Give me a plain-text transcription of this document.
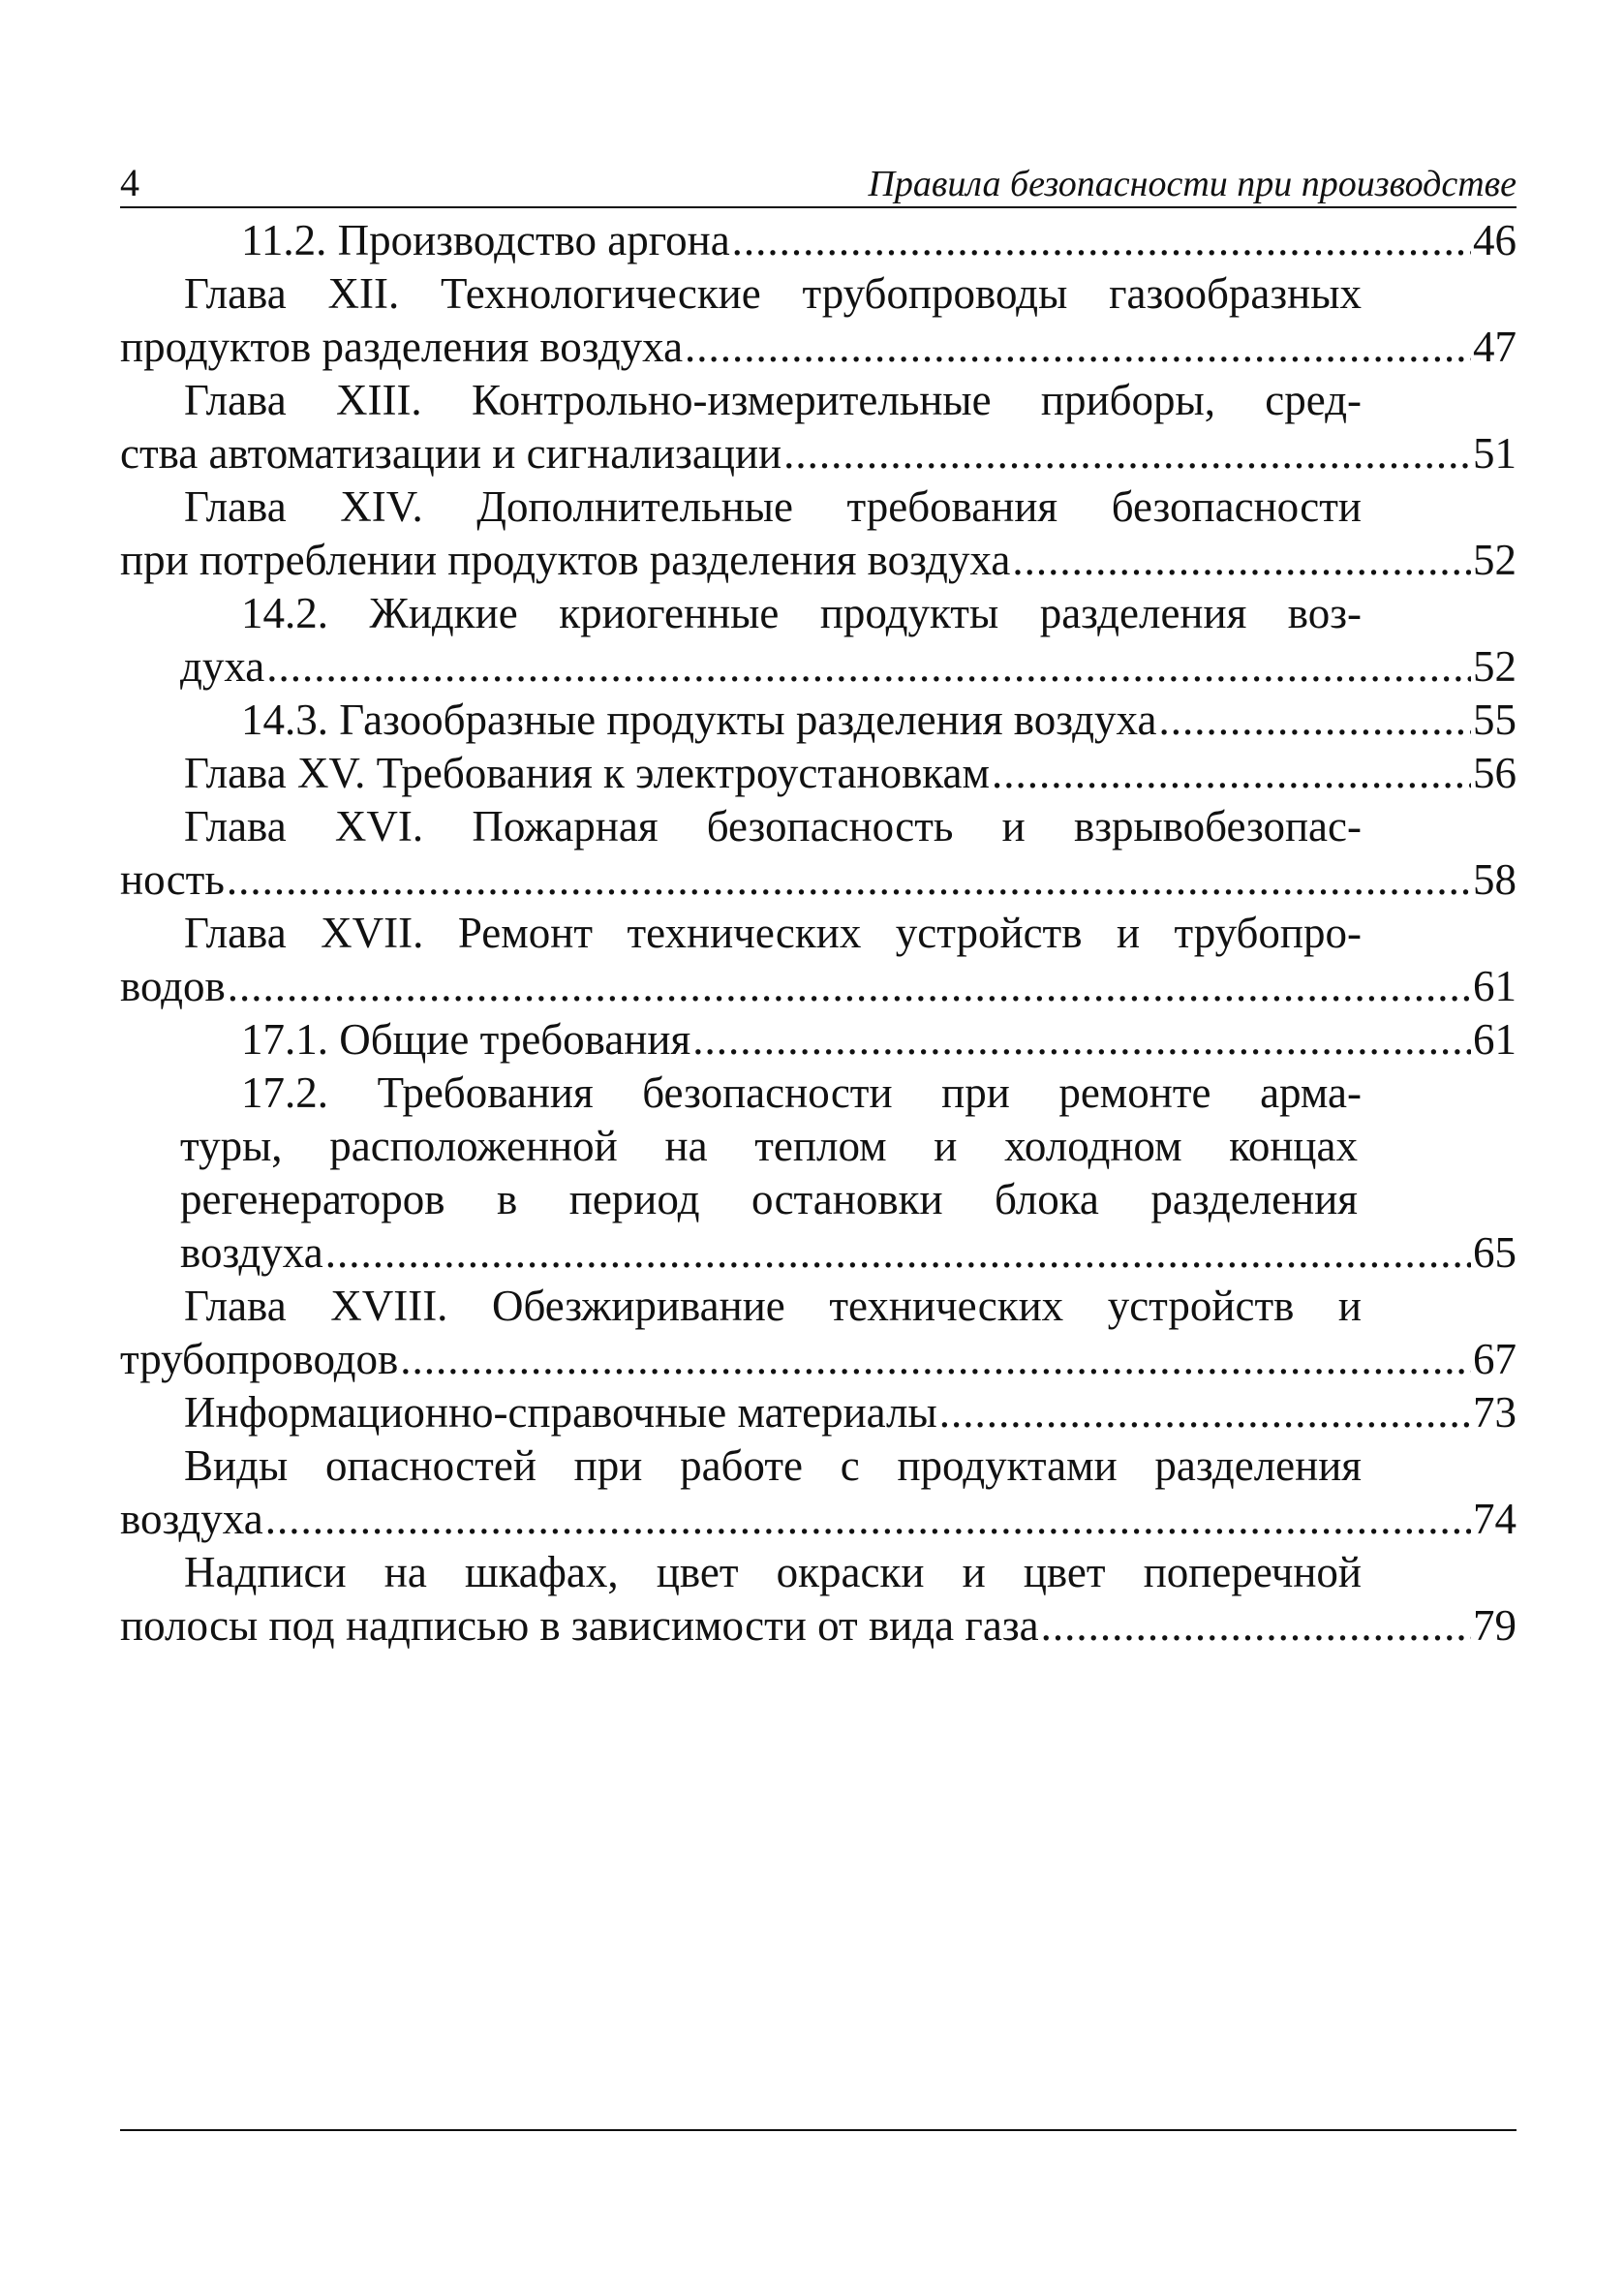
4	Правила безопасности при производстве
11.2. Производство аргона .....	46
Глава XII. Технологические трубопроводы газообразных
продуктов разделения воздуха .....	47
Глава XIII. Контрольно-измерительные приборы, сред-
ства автоматизации и сигнализации .....	51
Глава XIV. Дополнительные требования безопасности
при потреблении продуктов разделения воздуха .....	52
14.2. Жидкие криогенные продукты разделения воз-
духа .....	52
14.3. Газообразные продукты разделения воздуха .....	55
Глава XV. Требования к электроустановкам .....	56
Глава XVI. Пожарная безопасность и взрывобезопас-
ность .....	58
Глава XVII. Ремонт технических устройств и трубопро-
водов .....	61
17.1. Общие требования .....	61
17.2. Требования безопасности при ремонте арма-
туры, расположенной на теплом и холодном концах
регенераторов в период остановки блока разделения
воздуха .....	65
Глава XVIII. Обезжиривание технических устройств и
трубопроводов .....	67
Информационно-справочные материалы .....	73
Виды опасностей при работе с продуктами разделения
воздуха .....	74
Надписи на шкафах, цвет окраски и цвет поперечной
полосы под надписью в зависимости от вида газа .....	79
